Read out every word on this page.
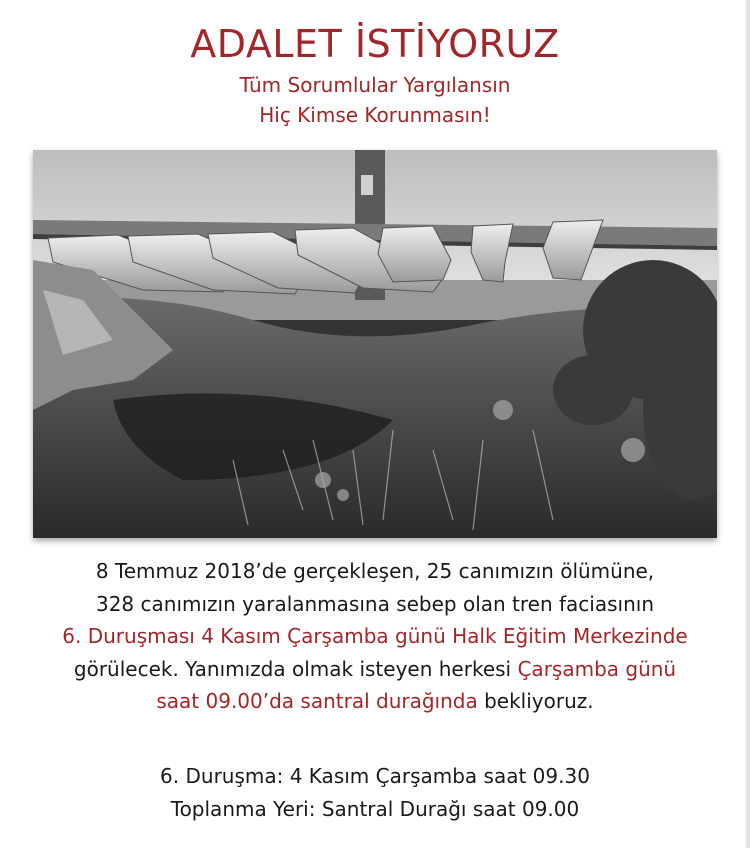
ADALET İSTİYORUZ
Tüm Sorumlular Yargılansın
Hiç Kimse Korunmasın!
8 Temmuz 2018’de gerçekleşen, 25 canımızın ölümüne,
328 canımızın yaralanmasına sebep olan tren faciasının
6. Duruşması 4 Kasım Çarşamba günü Halk Eğitim Merkezinde
görülecek. Yanımızda olmak isteyen herkesi Çarşamba günü
saat 09.00’da santral durağında bekliyoruz.
6. Duruşma: 4 Kasım Çarşamba saat 09.30
Toplanma Yeri: Santral Durağı saat 09.00
